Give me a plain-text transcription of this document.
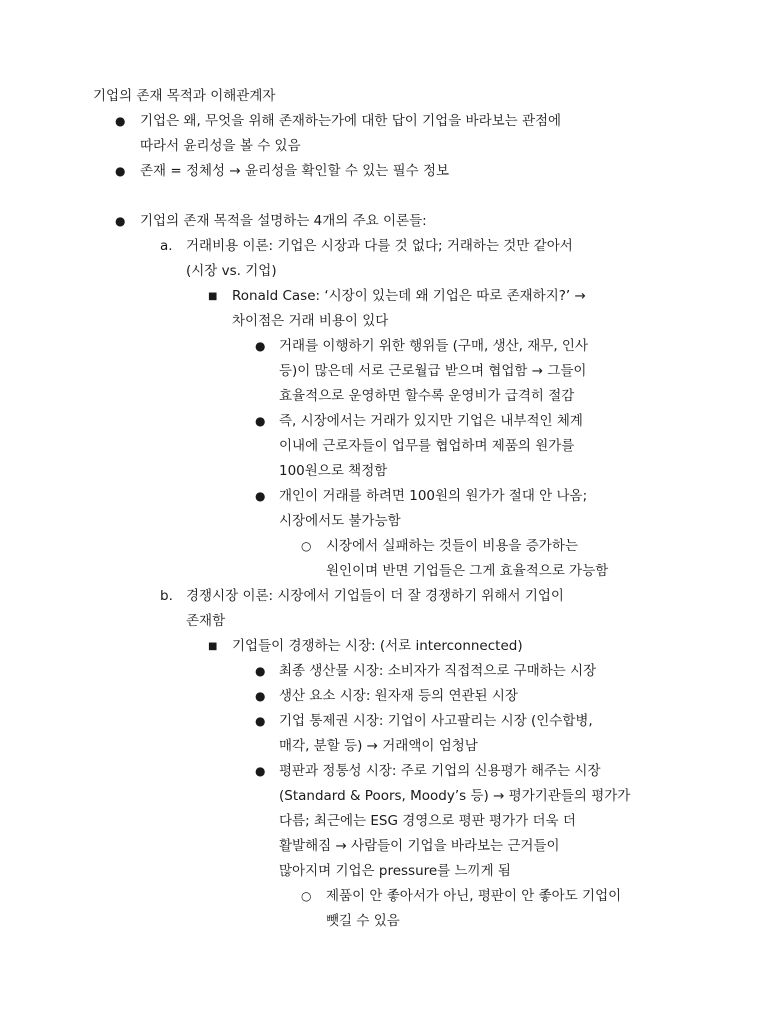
기업의 존재 목적과 이해관계자
● 기업은 왜, 무엇을 위해 존재하는가에 대한 답이 기업을 바라보는 관점에
따라서 윤리성을 볼 수 있음
● 존재 = 정체성 → 윤리성을 확인할 수 있는 필수 정보
● 기업의 존재 목적을 설명하는 4개의 주요 이론들:
a. 거래비용 이론: 기업은 시장과 다를 것 없다; 거래하는 것만 같아서
(시장 vs. 기업)
■ Ronald Case: ‘시장이 있는데 왜 기업은 따로 존재하지?’ →
차이점은 거래 비용이 있다
● 거래를 이행하기 위한 행위들 (구매, 생산, 재무, 인사
등)이 많은데 서로 근로월급 받으며 협업함 → 그들이
효율적으로 운영하면 할수록 운영비가 급격히 절감
● 즉, 시장에서는 거래가 있지만 기업은 내부적인 체계
이내에 근로자들이 업무를 협업하며 제품의 원가를
100원으로 책정함
● 개인이 거래를 하려면 100원의 원가가 절대 안 나옴;
시장에서도 불가능함
○ 시장에서 실패하는 것들이 비용을 증가하는
원인이며 반면 기업들은 그게 효율적으로 가능함
b. 경쟁시장 이론: 시장에서 기업들이 더 잘 경쟁하기 위해서 기업이
존재함
■ 기업들이 경쟁하는 시장: (서로 interconnected)
● 최종 생산물 시장: 소비자가 직접적으로 구매하는 시장
● 생산 요소 시장: 원자재 등의 연관된 시장
● 기업 통제권 시장: 기업이 사고팔리는 시장 (인수합병,
매각, 분할 등) → 거래액이 엄청남
● 평판과 정통성 시장: 주로 기업의 신용평가 해주는 시장
(Standard & Poors, Moody’s 등) → 평가기관들의 평가가
다름; 최근에는 ESG 경영으로 평판 평가가 더욱 더
활발해짐 → 사람들이 기업을 바라보는 근거들이
많아지며 기업은 pressure를 느끼게 됨
○ 제품이 안 좋아서가 아닌, 평판이 안 좋아도 기업이
뺏길 수 있음
